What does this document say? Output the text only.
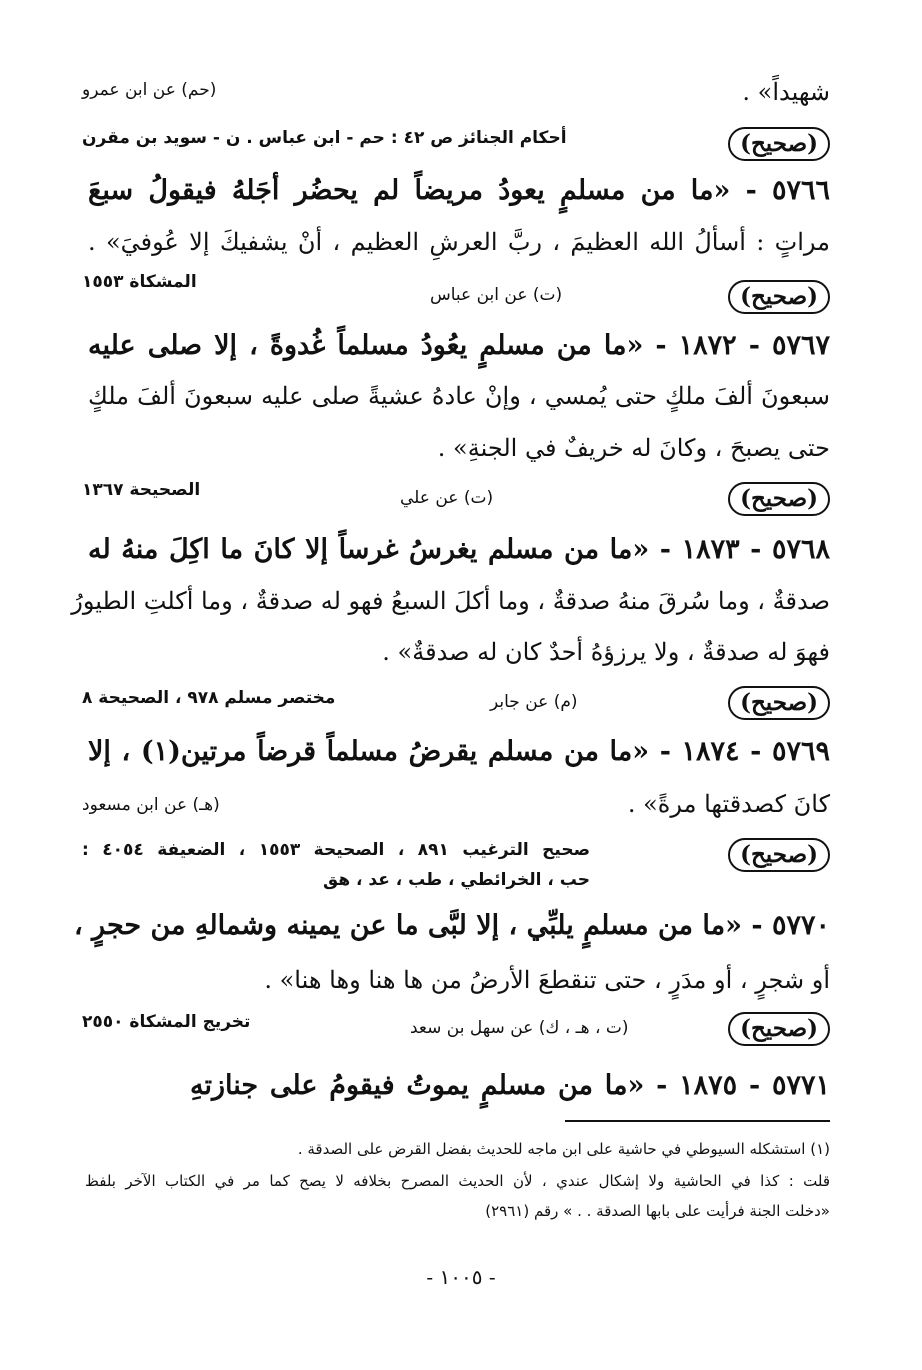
شهيداً» .
(حم) عن ابن عمرو
(صحيح)
أحكام الجنائز ص ٤٢ : حم - ابن عباس . ن - سويد بن مقرن
٥٧٦٦ - «ما من مسلمٍ يعودُ مريضاً لم يحضُر أجَلهُ فيقولُ سبعَ
مراتٍ : أسألُ الله العظيمَ ، ربَّ العرشِ العظيم ، أنْ يشفيكَ إلا عُوفيَ» .
(صحيح)
(ت) عن ابن عباس
المشكاة ١٥٥٣
٥٧٦٧ - ١٨٧٢ - «ما من مسلمٍ يعُودُ مسلماً غُدوةً ، إلا صلى عليه
سبعونَ ألفَ ملكٍ حتى يُمسي ، وإنْ عادهُ عشيةً صلى عليه سبعونَ ألفَ ملكٍ
حتى يصبحَ ، وكانَ له خريفٌ في الجنةِ» .
(صحيح)
(ت) عن علي
الصحيحة ١٣٦٧
٥٧٦٨ - ١٨٧٣ - «ما من مسلم يغرسُ غرساً إلا كانَ ما اكِلَ منهُ له
صدقةٌ ، وما سُرقَ منهُ صدقةٌ ، وما أكلَ السبعُ فهو له صدقةٌ ، وما أكلتِ الطيورُ
فهوَ له صدقةٌ ، ولا يرزؤهُ أحدٌ كان له صدقةٌ» .
(صحيح)
(م) عن جابر
مختصر مسلم ٩٧٨ ، الصحيحة ٨
٥٧٦٩ - ١٨٧٤ - «ما من مسلم يقرضُ مسلماً قرضاً مرتين(١) ، إلا
كانَ كصدقتها مرةً» .
(هـ) عن ابن مسعود
(صحيح)
صحيح الترغيب ٨٩١ ، الصحيحة ١٥٥٣ ، الضعيفة ٤٠٥٤ :
حب ، الخرائطي ، طب ، عد ، هق
٥٧٧٠ - «ما من مسلمٍ يلبِّي ، إلا لبَّى ما عن يمينه وشمالهِ من حجرٍ ،
أو شجرٍ ، أو مدَرٍ ، حتى تنقطعَ الأرضُ من ها هنا وها هنا» .
(صحيح)
(ت ، هـ ، ك) عن سهل بن سعد
تخريج المشكاة ٢٥٥٠
٥٧٧١ - ١٨٧٥ - «ما من مسلمٍ يموتُ فيقومُ على جنازتهِ
(١) استشكله السيوطي في حاشية على ابن ماجه للحديث بفضل القرض على الصدقة .
قلت : كذا في الحاشية ولا إشكال عندي ، لأن الحديث المصرح بخلافه لا يصح كما مر في الكتاب الآخر بلفظ
«دخلت الجنة فرأيت على بابها الصدقة . . » رقم (٢٩٦١)
- ١٠٠٥ -
